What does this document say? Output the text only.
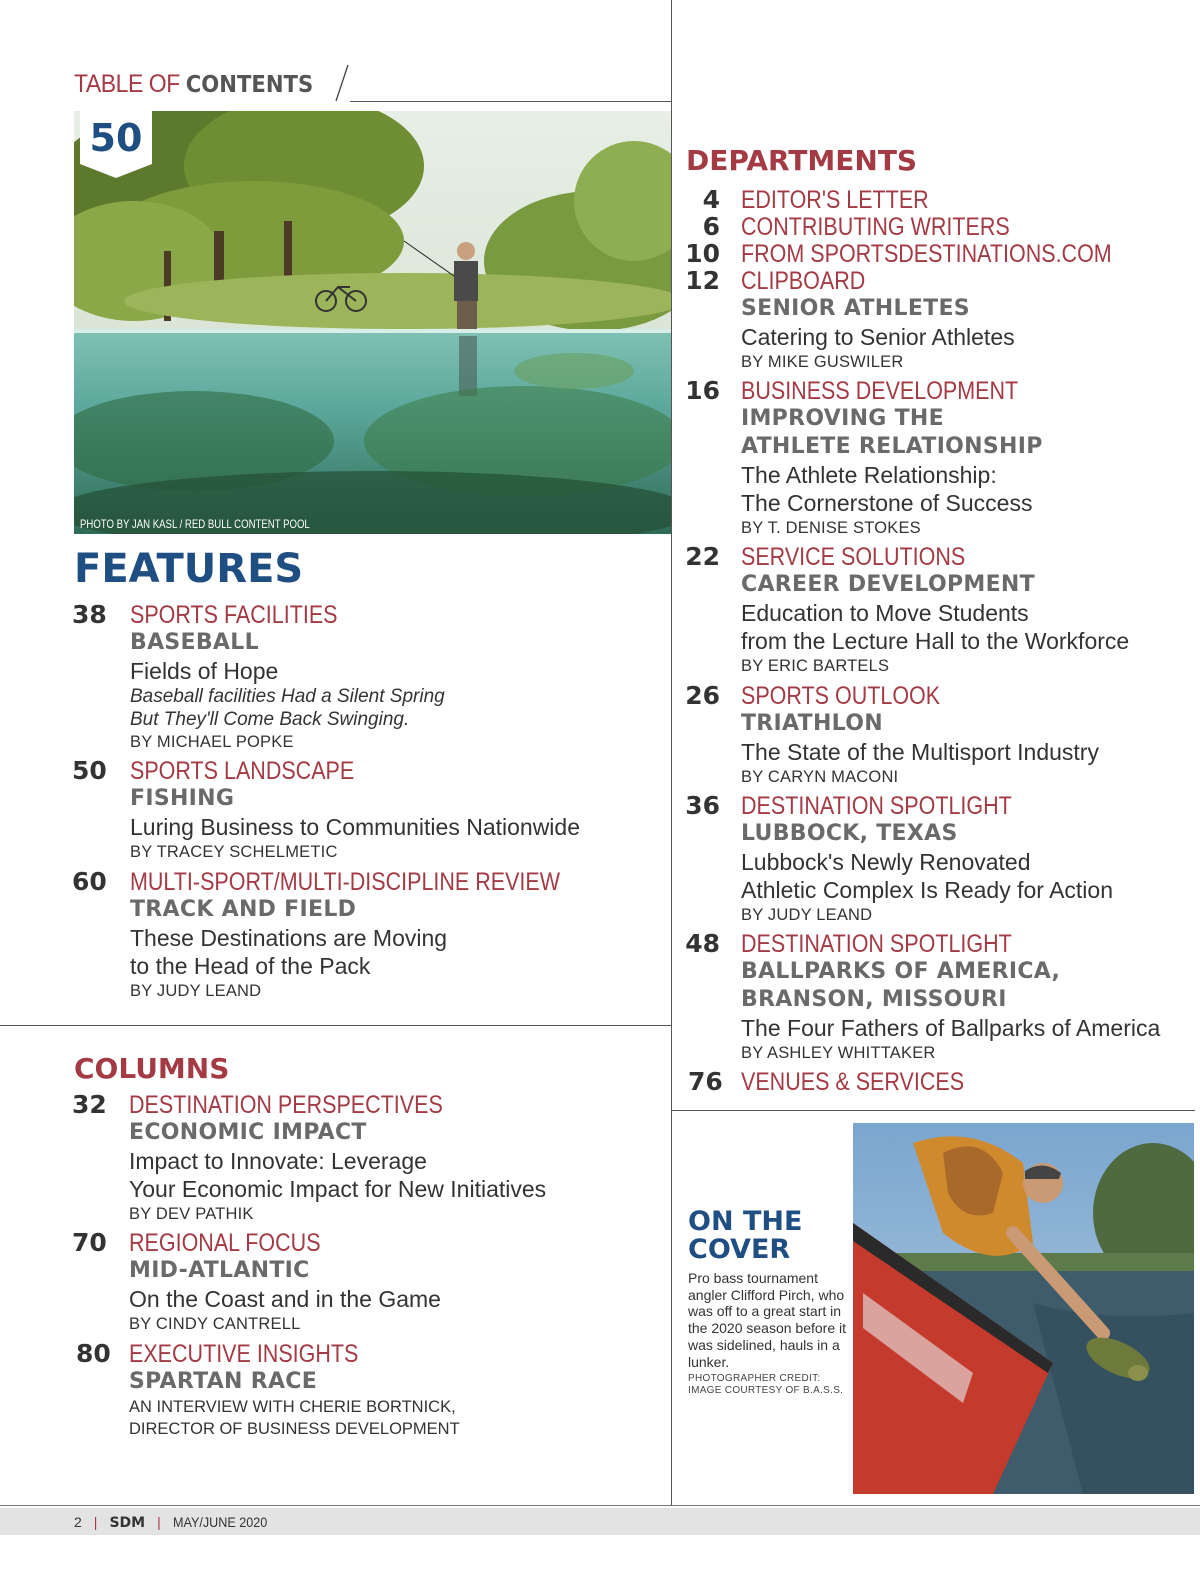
TABLE OF CONTENTS
50
PHOTO BY JAN KASL / RED BULL CONTENT POOL
FEATURES
38 SPORTS FACILITIES
BASEBALL
Fields of Hope
Baseball facilities Had a Silent Spring
But They'll Come Back Swinging.
BY MICHAEL POPKE
50 SPORTS LANDSCAPE
FISHING
Luring Business to Communities Nationwide
BY TRACEY SCHELMETIC
60 MULTI-SPORT/MULTI-DISCIPLINE REVIEW
TRACK AND FIELD
These Destinations are Moving
to the Head of the Pack
BY JUDY LEAND
COLUMNS
32 DESTINATION PERSPECTIVES
ECONOMIC IMPACT
Impact to Innovate: Leverage
Your Economic Impact for New Initiatives
BY DEV PATHIK
70 REGIONAL FOCUS
MID-ATLANTIC
On the Coast and in the Game
BY CINDY CANTRELL
80 EXECUTIVE INSIGHTS
SPARTAN RACE
AN INTERVIEW WITH CHERIE BORTNICK,
DIRECTOR OF BUSINESS DEVELOPMENT
DEPARTMENTS
4 EDITOR'S LETTER
6 CONTRIBUTING WRITERS
10 FROM SPORTSDESTINATIONS.COM
12 CLIPBOARD
SENIOR ATHLETES
Catering to Senior Athletes
BY MIKE GUSWILER
16 BUSINESS DEVELOPMENT
IMPROVING THE
ATHLETE RELATIONSHIP
The Athlete Relationship:
The Cornerstone of Success
BY T. DENISE STOKES
22 SERVICE SOLUTIONS
CAREER DEVELOPMENT
Education to Move Students
from the Lecture Hall to the Workforce
BY ERIC BARTELS
26 SPORTS OUTLOOK
TRIATHLON
The State of the Multisport Industry
BY CARYN MACONI
36 DESTINATION SPOTLIGHT
LUBBOCK, TEXAS
Lubbock's Newly Renovated
Athletic Complex Is Ready for Action
BY JUDY LEAND
48 DESTINATION SPOTLIGHT
BALLPARKS OF AMERICA,
BRANSON, MISSOURI
The Four Fathers of Ballparks of America
BY ASHLEY WHITTAKER
76 VENUES & SERVICES
ON THE
COVER
Pro bass tournament angler Clifford Pirch, who was off to a great start in the 2020 season before it was sidelined, hauls in a lunker.
PHOTOGRAPHER CREDIT:
IMAGE COURTESY OF B.A.S.S.
2 | SDM | MAY/JUNE 2020
